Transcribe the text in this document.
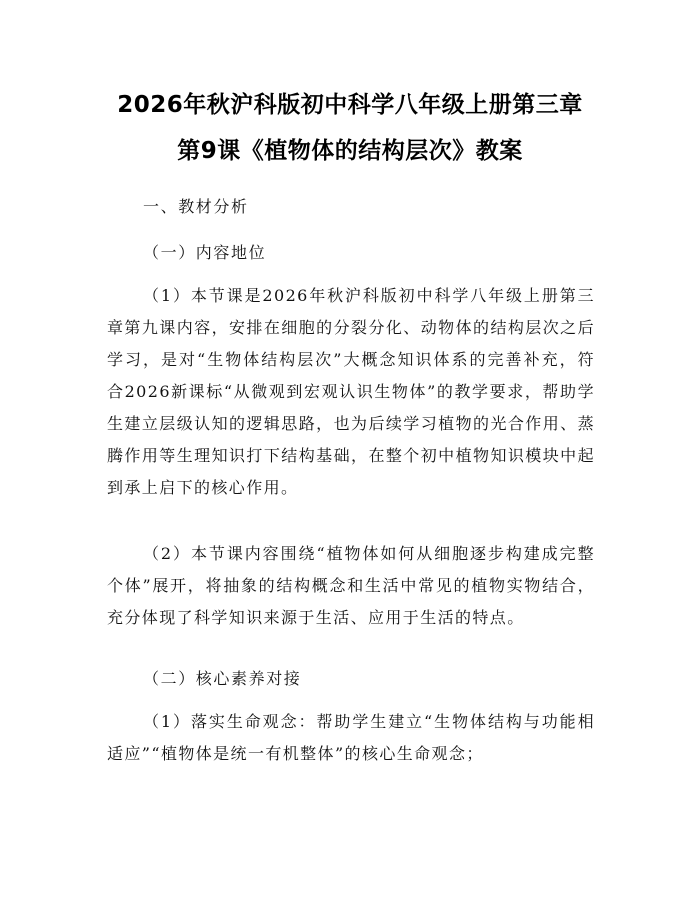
2026年秋沪科版初中科学八年级上册第三章
第9课《植物体的结构层次》教案
一、教材分析
（一）内容地位

（1）本节课是2026年秋沪科版初中科学八年级上册第三章第九课内容，安排在细胞的分裂分化、动物体的结构层次之后学习，是对“生物体结构层次”大概念知识体系的完善补充，符合2026新课标“从微观到宏观认识生物体”的教学要求，帮助学生建立层级认知的逻辑思路，也为后续学习植物的光合作用、蒸腾作用等生理知识打下结构基础，在整个初中植物知识模块中起到承上启下的核心作用。

（2）本节课内容围绕“植物体如何从细胞逐步构建成完整个体”展开，将抽象的结构概念和生活中常见的植物实物结合，充分体现了科学知识来源于生活、应用于生活的特点。

（二）核心素养对接

（1）落实生命观念：帮助学生建立“生物体结构与功能相适应”“植物体是统一有机整体”的核心生命观念；
